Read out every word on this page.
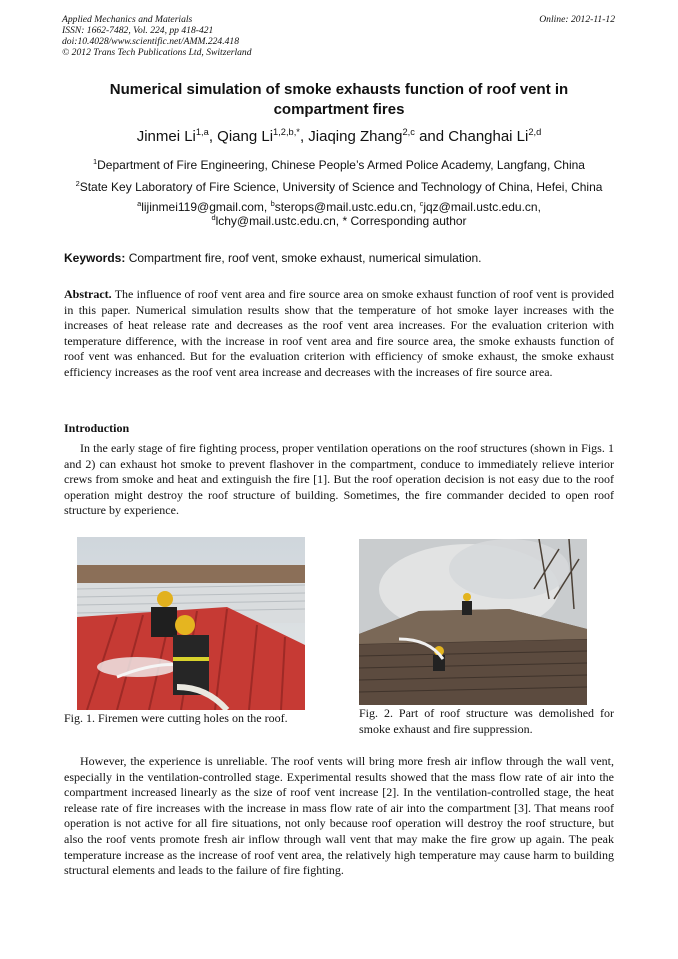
Applied Mechanics and Materials
ISSN: 1662-7482, Vol. 224, pp 418-421
doi:10.4028/www.scientific.net/AMM.224.418
© 2012 Trans Tech Publications Ltd, Switzerland
Online: 2012-11-12
Numerical simulation of smoke exhausts function of roof vent in
compartment fires
Jinmei Li$^{1,a}$, Qiang $Li^{1,2,b,*}$, Jiaqing Zhang$^{2,c}$ and Changhai Li$^{2,d}$
$^1$Department of Fire Engineering, Chinese People’s Armed Police Academy, Langfang, China
$^2$State Key Laboratory of Fire Science, University of Science and Technology of China, Hefei, China
$^a$lijinmei119@gmail.com, $^b$sterops@mail.ustc.edu.cn, $^c$jqz@mail.ustc.edu.cn,
$^d$lchy@mail.ustc.edu.cn, * Corresponding author
Keywords: Compartment fire, roof vent, smoke exhaust, numerical simulation.
Abstract. The influence of roof vent area and fire source area on smoke exhaust function of roof vent is provided in this paper. Numerical simulation results show that the temperature of hot smoke layer increases with the increases of heat release rate and decreases as the roof vent area increases. For the evaluation criterion with temperature difference, with the increase in roof vent area and fire source area, the smoke exhausts function of roof vent was enhanced. But for the evaluation criterion with efficiency of smoke exhaust, the smoke exhaust efficiency increases as the roof vent area increase and decreases with the increases of fire source area.
Introduction
In the early stage of fire fighting process, proper ventilation operations on the roof structures (shown in Figs. 1 and 2) can exhaust hot smoke to prevent flashover in the compartment, conduce to immediately relieve interior crews from smoke and heat and extinguish the fire [1]. But the roof operation decision is not easy due to the roof operation might destroy the roof structure of building. Sometimes, the fire commander decided to open roof structure by experience.
Fig. 1. Firemen were cutting holes on the roof.	Fig. 2. Part of roof structure was demolished for smoke exhaust and fire suppression.
However, the experience is unreliable. The roof vents will bring more fresh air inflow through the wall vent, especially in the ventilation-controlled stage. Experimental results showed that the mass flow rate of air into the compartment increased linearly as the size of roof vent increase [2]. In the ventilation-controlled stage, the heat release rate of fire increases with the increase in mass flow rate of air into the compartment [3]. That means roof operation is not active for all fire situations, not only because roof operation will destroy the roof structure, but also the roof vents promote fresh air inflow through wall vent that may make the fire grow up again. The peak temperature increase as the increase of roof vent area, the relatively high temperature may cause harm to building structural elements and leads to the failure of fire fighting.
